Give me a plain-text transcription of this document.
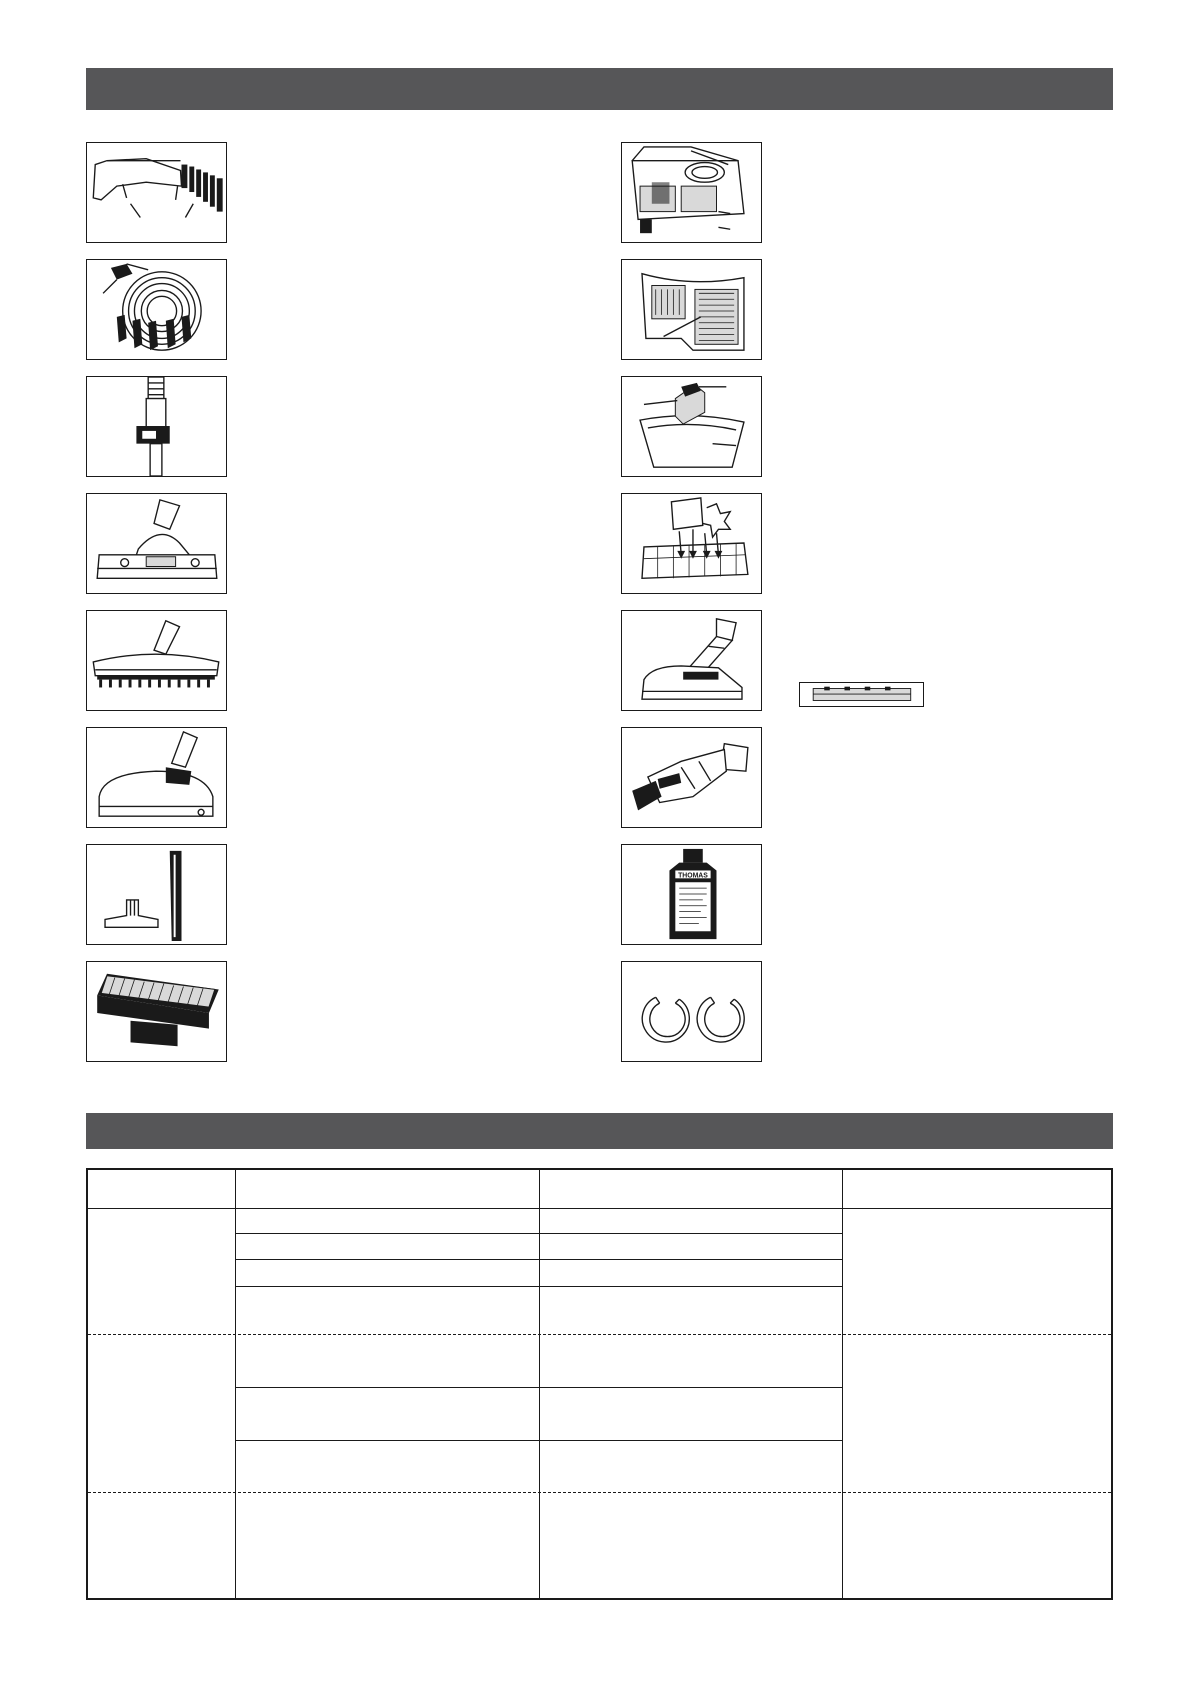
THOMAS
